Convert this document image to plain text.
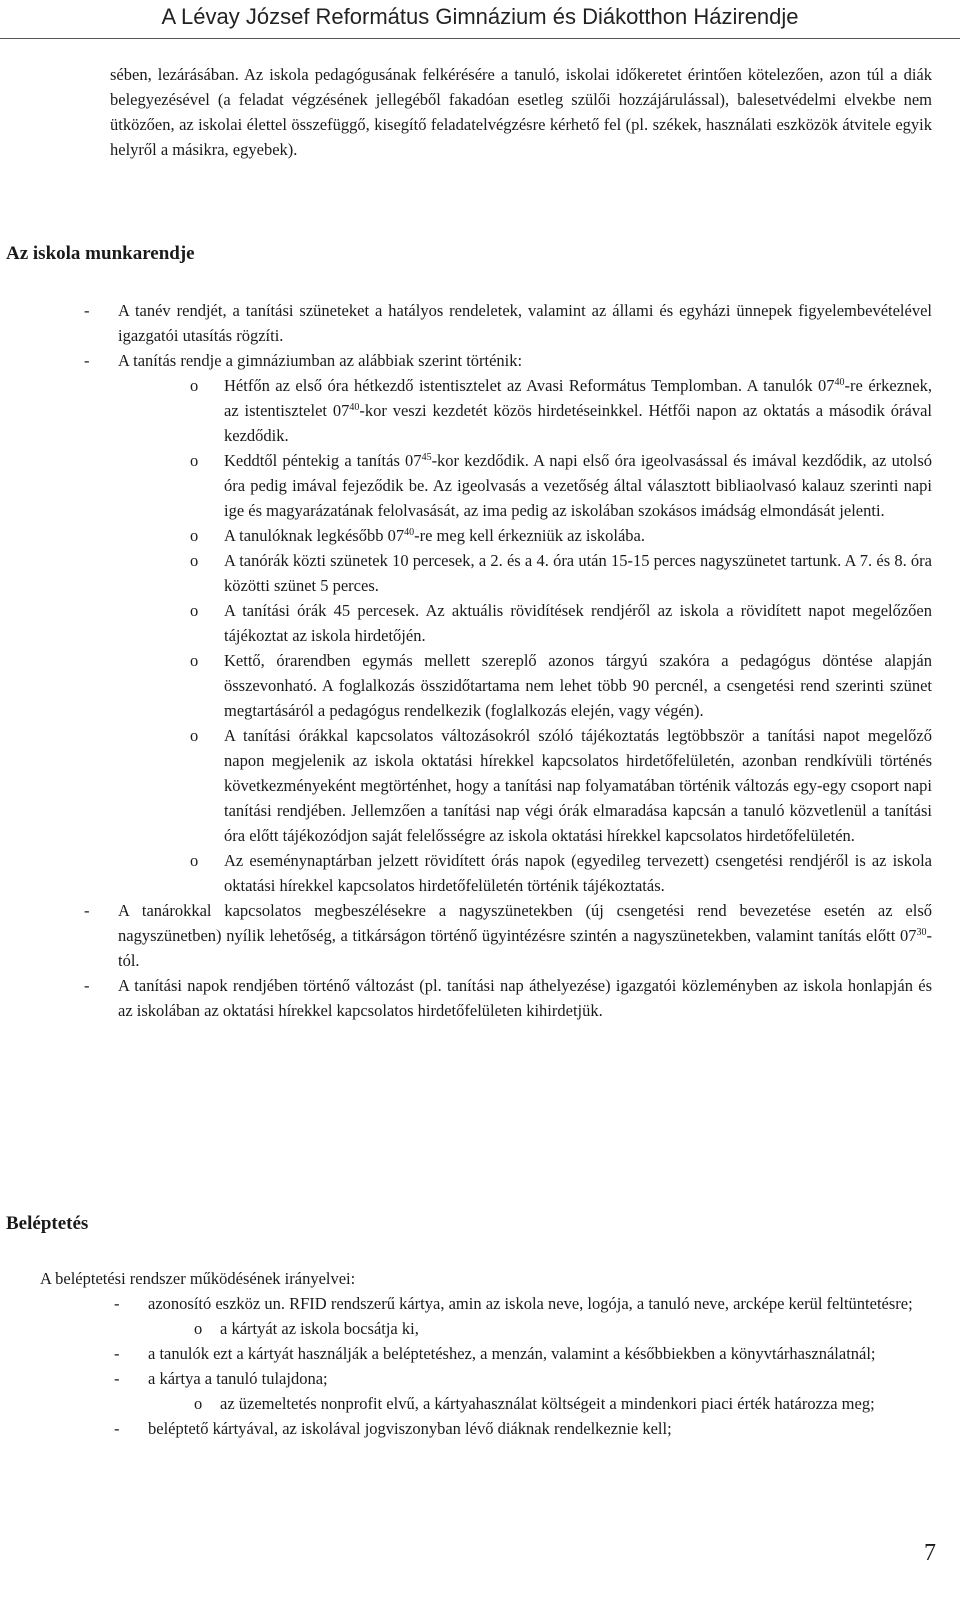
A Lévay József Református Gimnázium és Diákotthon Házirendje

sében, lezárásában. Az iskola pedagógusának felkérésére a tanuló, iskolai időkeretet érintően kötelezően, azon túl a diák belegyezésével (a feladat végzésének jellegéből fakadóan esetleg szülői hozzájárulással), balesetvédelmi elvekbe nem ütközően, az iskolai élettel összefüggő, kisegítő feladatelvégzésre kérhető fel (pl. székek, használati eszközök átvitele egyik helyről a másikra, egyebek).

Az iskola munkarendje
- A tanév rendjét, a tanítási szüneteket a hatályos rendeletek, valamint az állami és egyházi ünnepek figyelembevételével igazgatói utasítás rögzíti.

- A tanítás rendje a gimnáziumban az alábbiak szerint történik:

o Hétfőn az első óra hétkezdő istentisztelet az Avasi Református Templomban. A tanulók $07^{40}-re$ érkeznek, az istentisztelet $07^{40}$-kor veszi kezdetét közös hirdetéseinkkel. Hétfői napon az oktatás a második órával kezdődik.

o Keddtől péntekig a tanítás $07^{45}$-kor kezdődik. A napi első óra igeolvasással és imával kezdődik, az utolsó óra pedig imával fejeződik be. Az igeolvasás a vezetőség által választott bibliaolvasó kalauz szerinti napi ige és magyarázatának felolvasását, az ima pedig az iskolában szokásos imádság elmondását jelenti.

o A tanulóknak legkésőbb $07^{40}-re$ meg kell érkezniük az iskolába.

o A tanórák közti szünetek 10 percesek, a 2. és a 4. óra után 15-15 perces nagyszünetet tartunk. A 7. és 8. óra közötti szünet 5 perces.

o A tanítási órák 45 percesek. Az aktuális rövidítések rendjéről az iskola a rövidített napot megelőzően tájékoztat az iskola hirdetőjén.

o Kettő, órarendben egymás mellett szereplő azonos tárgyú szakóra a pedagógus döntése alapján összevonható. A foglalkozás összidőtartama nem lehet több 90 percnél, a csengetési rend szerinti szünet megtartásáról a pedagógus rendelkezik (foglalkozás elején, vagy végén).

o A tanítási órákkal kapcsolatos változásokról szóló tájékoztatás legtöbbször a tanítási napot megelőző napon megjelenik az iskola oktatási hírekkel kapcsolatos hirdetőfelületén, azonban rendkívüli történés következményeként megtörténhet, hogy a tanítási nap folyamatában történik változás egy-egy csoport napi tanítási rendjében. Jellemzően a tanítási nap végi órák elmaradása kapcsán a tanuló közvetlenül a tanítási óra előtt tájékozódjon saját felelősségre az iskola oktatási hírekkel kapcsolatos hirdetőfelületén.

o Az eseménynaptárban jelzett rövidített órás napok (egyedileg tervezett) csengetési rendjéről is az iskola oktatási hírekkel kapcsolatos hirdetőfelületén történik tájékoztatás.

- A tanárokkal kapcsolatos megbeszélésekre a nagyszünetekben (új csengetési rend bevezetése esetén az első nagyszünetben) nyílik lehetőség, a titkárságon történő ügyintézésre szintén a nagyszünetekben, valamint tanítás előtt $07^{30}$-tól.

- A tanítási napok rendjében történő változást (pl. tanítási nap áthelyezése) igazgatói közleményben az iskola honlapján és az iskolában az oktatási hírekkel kapcsolatos hirdetőfelületen kihirdetjük.

Beléptetés

A beléptetési rendszer működésének irányelvei:

- azonosító eszköz un. RFID rendszerű kártya, amin az iskola neve, logója, a tanuló neve, arcképe kerül feltüntetésre;

o a kártyát az iskola bocsátja ki,

- a tanulók ezt a kártyát használják a beléptetéshez, a menzán, valamint a későbbiekben a könyvtárhasználatnál;

- a kártya a tanuló tulajdona;

o az üzemeltetés nonprofit elvű, a kártyahasználat költségeit a mindenkori piaci érték határozza meg;

- beléptető kártyával, az iskolával jogviszonyban lévő diáknak rendelkeznie kell;

7
